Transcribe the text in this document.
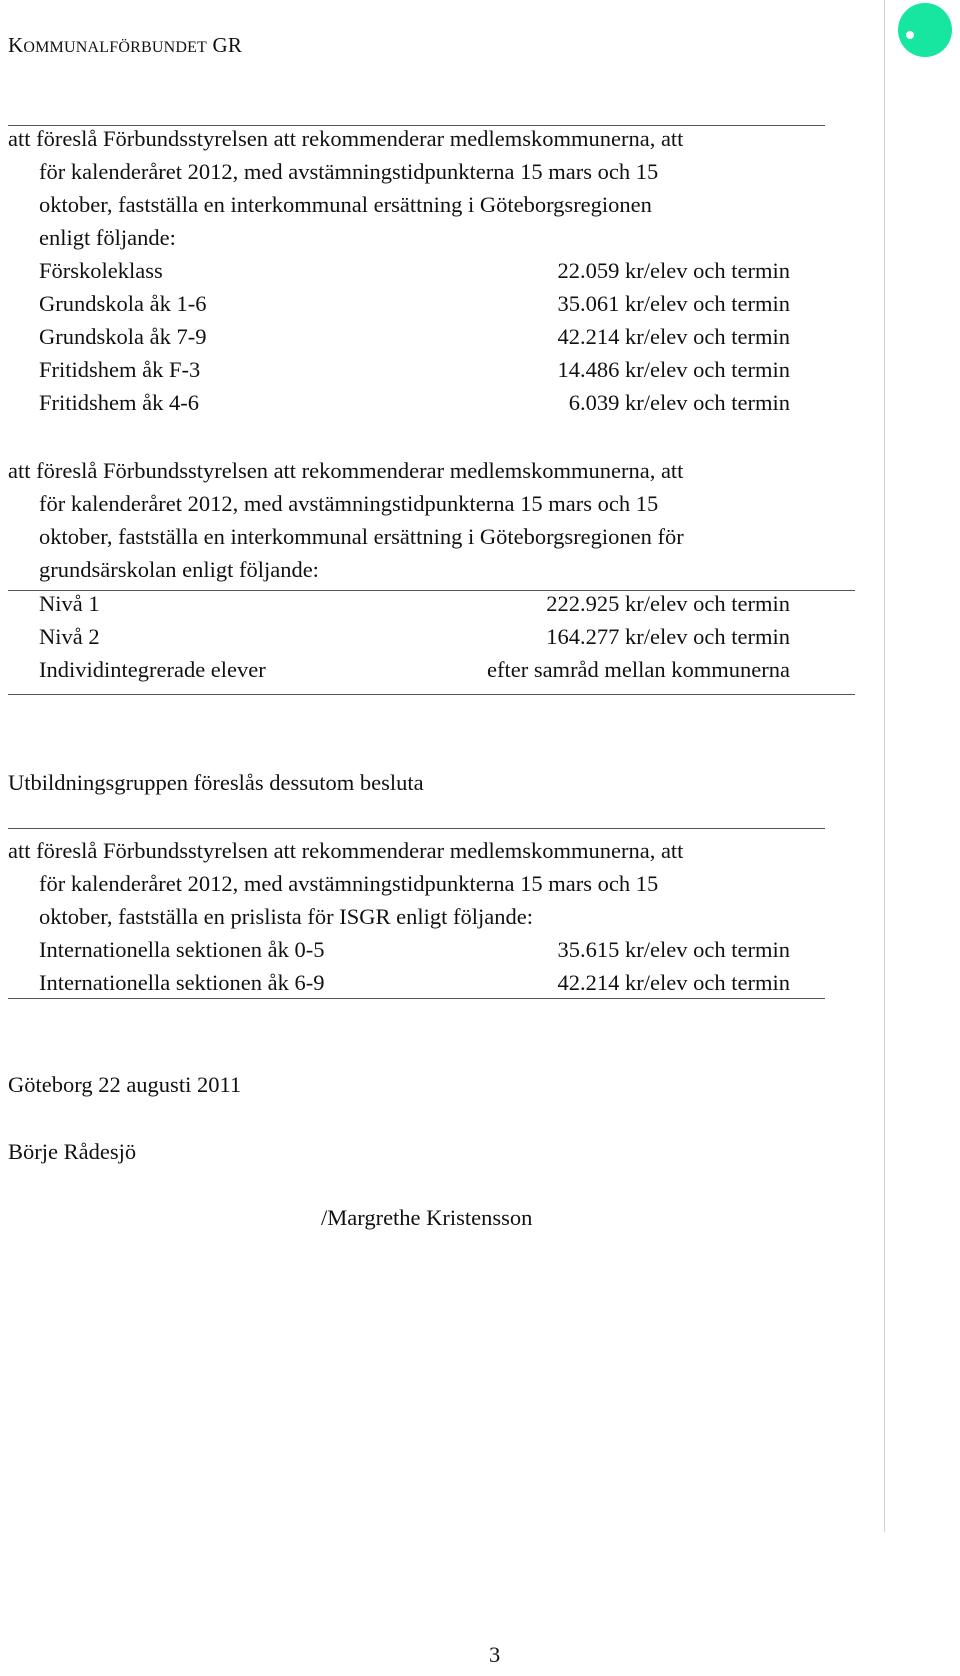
KOMMUNALFÖRBUNDET GR
att föreslå Förbundsstyrelsen att rekommenderar medlemskommunerna, att
för kalenderåret 2012, med avstämningstidpunkterna 15 mars och 15
oktober, fastställa en interkommunal ersättning i Göteborgsregionen
enligt följande:
Förskoleklass	22.059 kr/elev och termin
Grundskola åk 1-6	35.061 kr/elev och termin
Grundskola åk 7-9	42.214 kr/elev och termin
Fritidshem åk F-3	14.486 kr/elev och termin
Fritidshem åk 4-6	6.039 kr/elev och termin
att föreslå Förbundsstyrelsen att rekommenderar medlemskommunerna, att
för kalenderåret 2012, med avstämningstidpunkterna 15 mars och 15
oktober, fastställa en interkommunal ersättning i Göteborgsregionen för
grundsärskolan enligt följande:
Nivå 1	222.925 kr/elev och termin
Nivå 2	164.277 kr/elev och termin
Individintegrerade elever	efter samråd mellan kommunerna
Utbildningsgruppen föreslås dessutom besluta
att föreslå Förbundsstyrelsen att rekommenderar medlemskommunerna, att
för kalenderåret 2012, med avstämningstidpunkterna 15 mars och 15
oktober, fastställa en prislista för ISGR enligt följande:
Internationella sektionen åk 0-5	35.615 kr/elev och termin
Internationella sektionen åk 6-9	42.214 kr/elev och termin
Göteborg 22 augusti 2011
Börje Rådesjö
/Margrethe Kristensson
3
